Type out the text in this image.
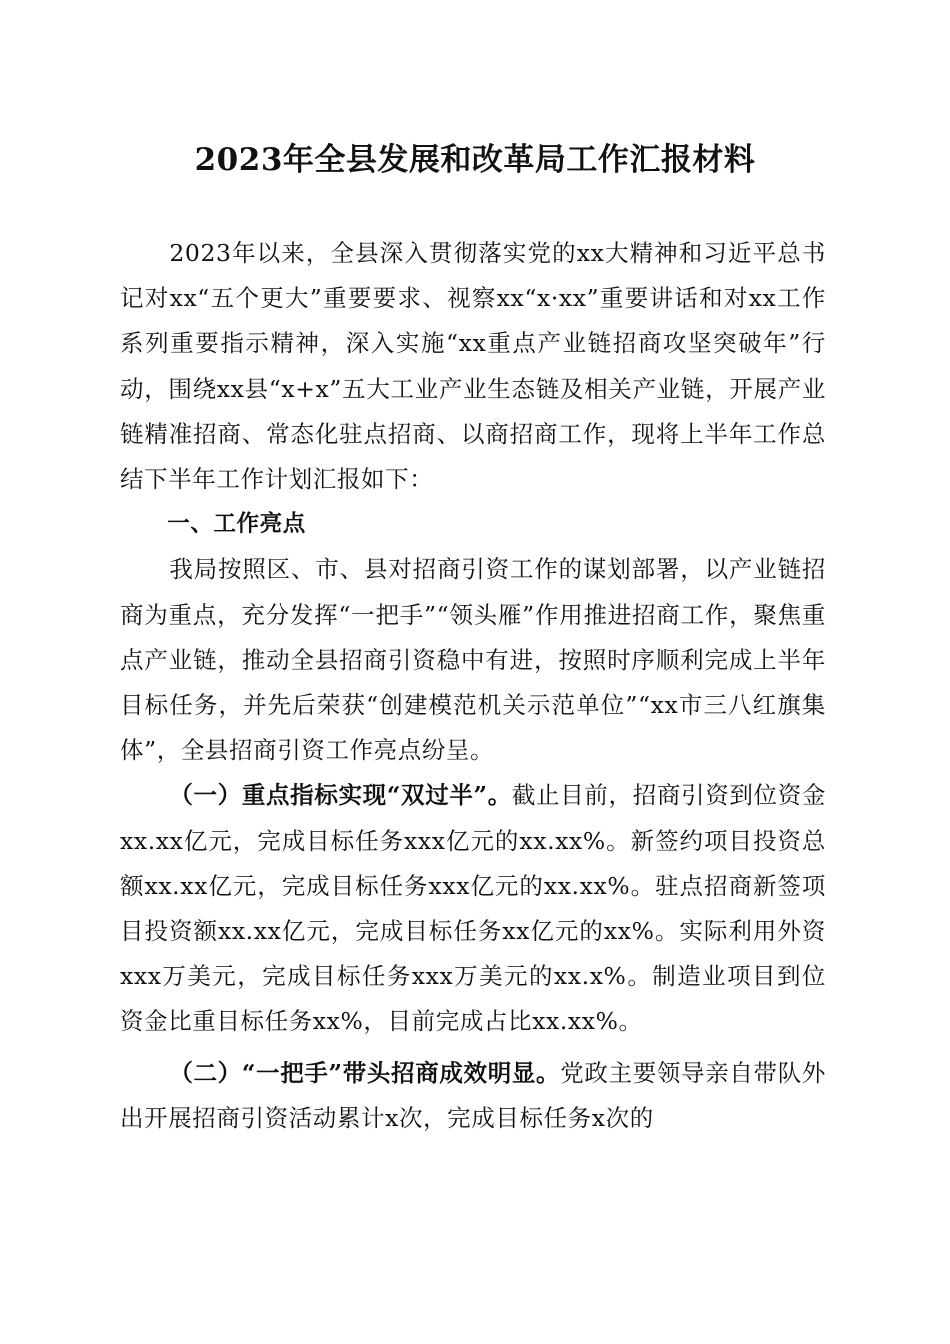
2023年全县发展和改革局工作汇报材料

2023年以来，全县深入贯彻落实党的xx大精神和习近平总书记对xx“五个更大”重要要求、视察xx“x·xx”重要讲话和对xx工作系列重要指示精神，深入实施“xx重点产业链招商攻坚突破年”行动，围绕xx县“x+x”五大工业产业生态链及相关产业链，开展产业链精准招商、常态化驻点招商、以商招商工作，现将上半年工作总结下半年工作计划汇报如下：

一、工作亮点

我局按照区、市、县对招商引资工作的谋划部署，以产业链招商为重点，充分发挥“一把手”“领头雁”作用推进招商工作，聚焦重点产业链，推动全县招商引资稳中有进，按照时序顺利完成上半年目标任务，并先后荣获“创建模范机关示范单位”“xx市三八红旗集体”，全县招商引资工作亮点纷呈。

（一）重点指标实现“双过半”。截止目前，招商引资到位资金xx.xx亿元，完成目标任务xxx亿元的xx.xx%。新签约项目投资总额xx.xx亿元，完成目标任务xxx亿元的xx.xx%。驻点招商新签项目投资额xx.xx亿元，完成目标任务xx亿元的xx%。实际利用外资xxx万美元，完成目标任务xxx万美元的xx.x%。制造业项目到位资金比重目标任务xx%，目前完成占比xx.xx%。

（二）“一把手”带头招商成效明显。党政主要领导亲自带队外出开展招商引资活动累计x次，完成目标任务x次的
